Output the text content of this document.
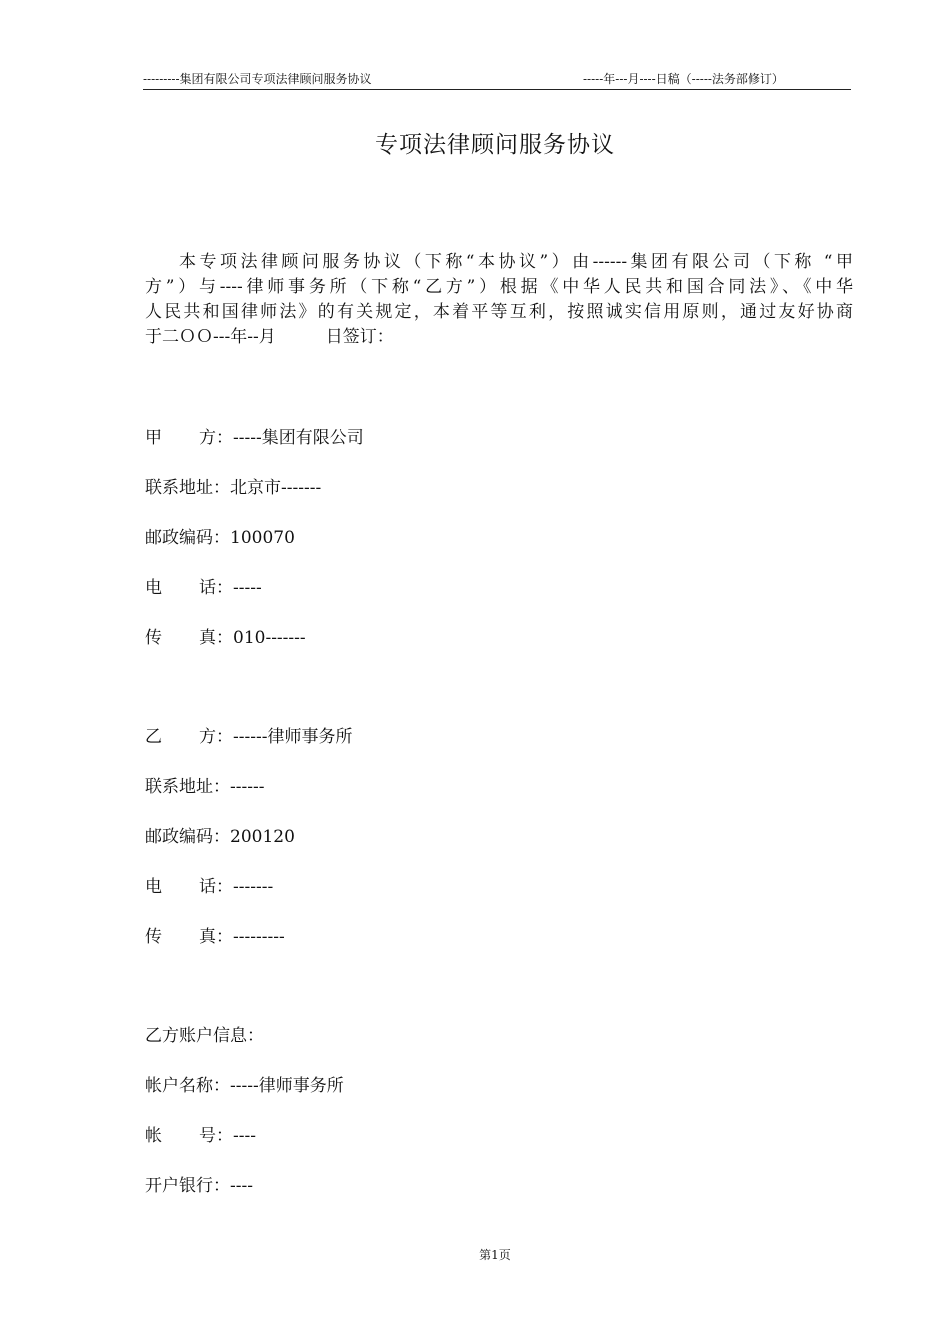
---------集团有限公司专项法律顾问服务协议	-----年---月----日稿（-----法务部修订）
专项法律顾问服务协议

本专项法律顾问服务协议（下称“本协议”）由------集团有限公司（下称 “甲

方”）与----律师事务所（下称“乙方”）根据《中华人民共和国合同法》、《中华

人民共和国律师法》的有关规定，本着平等互利，按照诚实信用原则，通过友好协商

于二ＯＯ---年--月	日签订：

甲 方： -----集团有限公司
联系地址：北京市-------
邮政编码：100070
电 话： -----
传 真： 010-------
乙 方： ------律师事务所
联系地址：------
邮政编码：200120
电 话： -------
传 真： ---------
乙方账户信息：
帐户名称：-----律师事务所
帐 号： ----
开户银行：----
第1页
